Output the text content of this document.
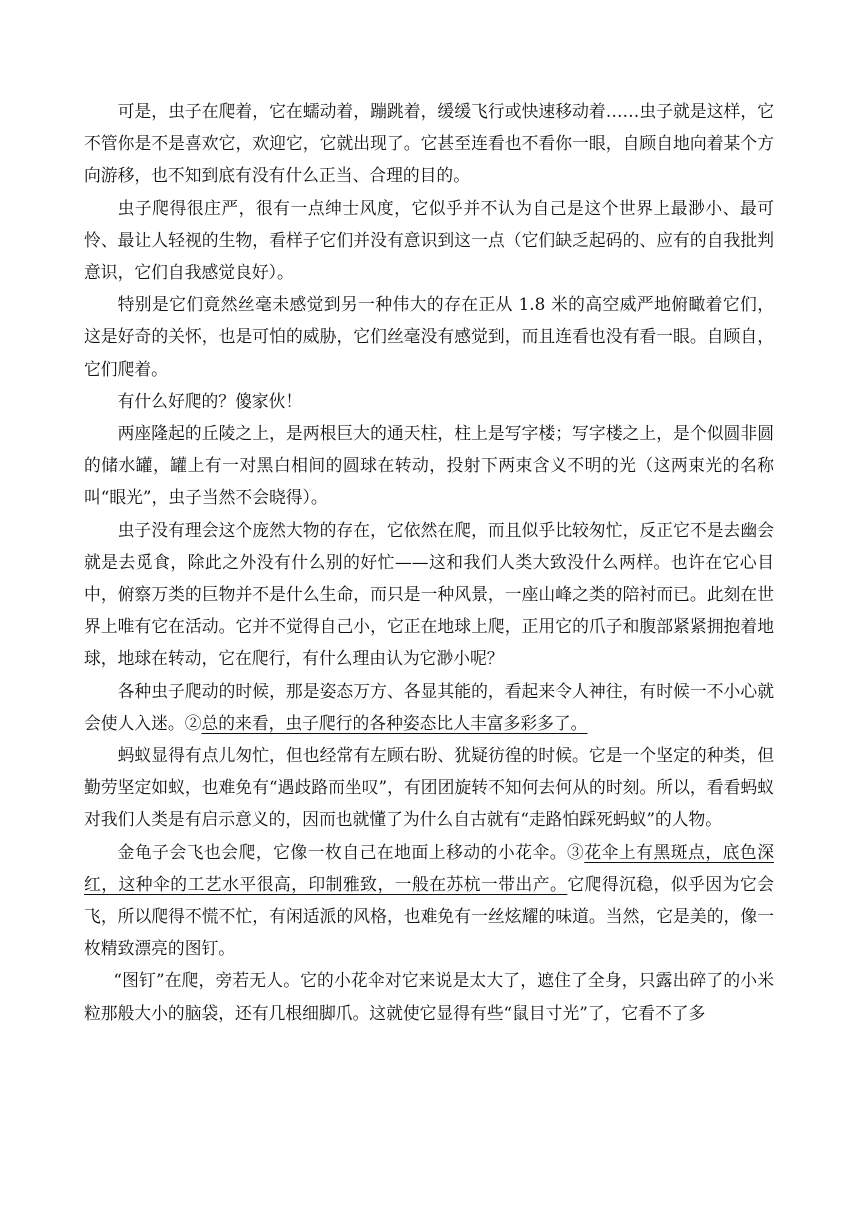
可是，虫子在爬着，它在蠕动着，蹦跳着，缓缓飞行或快速移动着……虫子就是这样，它不管你是不是喜欢它，欢迎它，它就出现了。它甚至连看也不看你一眼，自顾自地向着某个方向游移，也不知到底有没有什么正当、合理的目的。

虫子爬得很庄严，很有一点绅士风度，它似乎并不认为自己是这个世界上最渺小、最可怜、最让人轻视的生物，看样子它们并没有意识到这一点（它们缺乏起码的、应有的自我批判意识，它们自我感觉良好）。

特别是它们竟然丝毫未感觉到另一种伟大的存在正从 1.8 米的高空威严地俯瞰着它们，这是好奇的关怀，也是可怕的威胁，它们丝毫没有感觉到，而且连看也没有看一眼。自顾自，它们爬着。

有什么好爬的？傻家伙！

两座隆起的丘陵之上，是两根巨大的通天柱，柱上是写字楼；写字楼之上，是个似圆非圆的储水罐，罐上有一对黑白相间的圆球在转动，投射下两束含义不明的光（这两束光的名称叫“眼光”，虫子当然不会晓得）。

虫子没有理会这个庞然大物的存在，它依然在爬，而且似乎比较匆忙，反正它不是去幽会就是去觅食，除此之外没有什么别的好忙——这和我们人类大致没什么两样。也许在它心目中，俯察万类的巨物并不是什么生命，而只是一种风景，一座山峰之类的陪衬而已。此刻在世界上唯有它在活动。它并不觉得自己小，它正在地球上爬，正用它的爪子和腹部紧紧拥抱着地球，地球在转动，它在爬行，有什么理由认为它渺小呢？

各种虫子爬动的时候，那是姿态万方、各显其能的，看起来令人神往，有时候一不小心就会使人入迷。②总的来看，虫子爬行的各种姿态比人丰富多彩多了。

蚂蚁显得有点儿匆忙，但也经常有左顾右盼、犹疑彷徨的时候。它是一个坚定的种类，但勤劳坚定如蚁，也难免有“遇歧路而坐叹”，有团团旋转不知何去何从的时刻。所以，看看蚂蚁对我们人类是有启示意义的，因而也就懂了为什么自古就有“走路怕踩死蚂蚁”的人物。

金龟子会飞也会爬，它像一枚自己在地面上移动的小花伞。③花伞上有黑斑点，底色深红，这种伞的工艺水平很高，印制雅致，一般在苏杭一带出产。它爬得沉稳，似乎因为它会飞，所以爬得不慌不忙，有闲适派的风格，也难免有一丝炫耀的味道。当然，它是美的，像一枚精致漂亮的图钉。

“图钉”在爬，旁若无人。它的小花伞对它来说是太大了，遮住了全身，只露出碎了的小米粒那般大小的脑袋，还有几根细脚爪。这就使它显得有些“鼠目寸光”了，它看不了多
